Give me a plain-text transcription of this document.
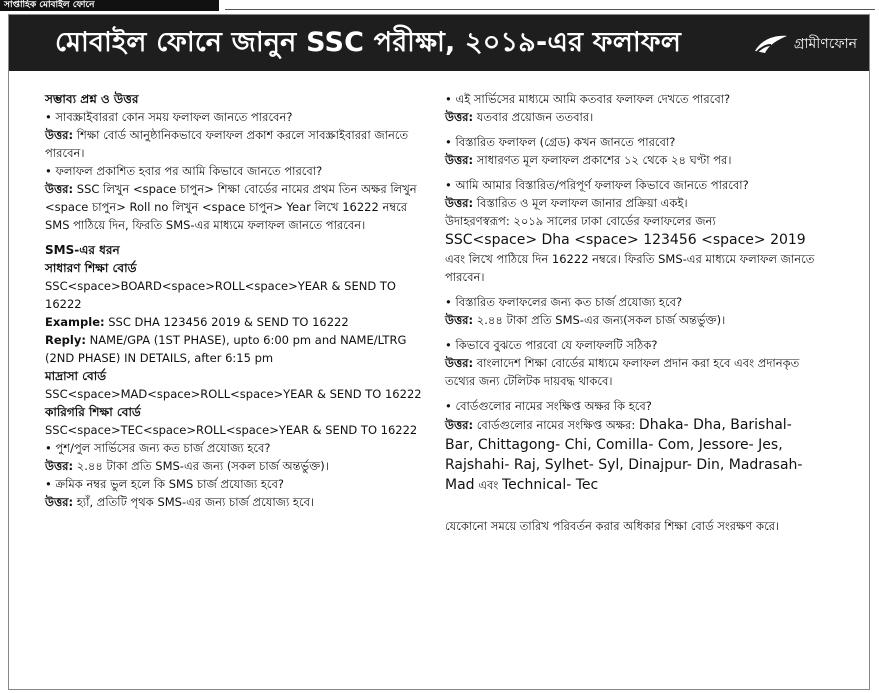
সাপ্তাহিক মোবাইল ফোনে
মোবাইল ফোনে জানুন SSC পরীক্ষা, ২০১৯-এর ফলাফল	গ্রামীণফোন

সম্ভাব্য প্রশ্ন ও উত্তর

• সাবস্ক্রাইবাররা কোন সময় ফলাফল জানতে পারবেন?

উত্তর: শিক্ষা বোর্ড আনুষ্ঠানিকভাবে ফলাফল প্রকাশ করলে সাবস্ক্রাইবাররা জানতে পারবেন।

• ফলাফল প্রকাশিত হবার পর আমি কিভাবে জানতে পারবো?

উত্তর: SSC লিখুন <space চাপুন> শিক্ষা বোর্ডের নামের প্রথম তিন অক্ষর লিখুন <space চাপুন> Roll no লিখুন <space চাপুন> Year লিখে 16222 নম্বরে SMS পাঠিয়ে দিন, ফিরতি SMS-এর মাধ্যমে ফলাফল জানতে পারবেন।

SMS-এর ধরন

সাধারণ শিক্ষা বোর্ড

SSC<space>BOARD<space>ROLL<space>YEAR & SEND TO 16222

Example: SSC DHA 123456 2019 & SEND TO 16222

Reply: NAME/GPA (1ST PHASE), upto 6:00 pm and NAME/LTRG (2ND PHASE) IN DETAILS, after 6:15 pm

মাদ্রাসা বোর্ড

SSC<space>MAD<space>ROLL<space>YEAR & SEND TO 16222

কারিগরি শিক্ষা বোর্ড

SSC<space>TEC<space>ROLL<space>YEAR & SEND TO 16222

• পুশ/পুল সার্ভিসের জন্য কত চার্জ প্রযোজ্য হবে?

উত্তর: ২.৪৪ টাকা প্রতি SMS-এর জন্য (সকল চার্জ অন্তর্ভুক্ত)।

• ক্রমিক নম্বর ভুল হলে কি SMS চার্জ প্রযোজ্য হবে?

উত্তর: হ্যাঁ, প্রতিটি পৃথক SMS-এর জন্য চার্জ প্রযোজ্য হবে।

• এই সার্ভিসের মাধ্যমে আমি কতবার ফলাফল দেখতে পারবো?

উত্তর: যতবার প্রয়োজন ততবার।

• বিস্তারিত ফলাফল (গ্রেড) কখন জানতে পারবো?

উত্তর: সাধারণত মূল ফলাফল প্রকাশের ১২ থেকে ২৪ ঘণ্টা পর।

• আমি আমার বিস্তারিত/পরিপূর্ণ ফলাফল কিভাবে জানতে পারবো?

উত্তর: বিস্তারিত ও মূল ফলাফল জানার প্রক্রিয়া একই।

উদাহরণস্বরূপ: ২০১৯ সালের ঢাকা বোর্ডের ফলাফলের জন্য

SSC<space> Dha <space> 123456 <space> 2019 এবং লিখে পাঠিয়ে দিন 16222 নম্বরে। ফিরতি SMS-এর মাধ্যমে ফলাফল জানতে পারবেন।

• বিস্তারিত ফলাফলের জন্য কত চার্জ প্রযোজ্য হবে?

উত্তর: ২.৪৪ টাকা প্রতি SMS-এর জন্য(সকল চার্জ অন্তর্ভুক্ত)।

• কিভাবে বুঝতে পারবো যে ফলাফলটি সঠিক?

উত্তর: বাংলাদেশ শিক্ষা বোর্ডের মাধ্যমে ফলাফল প্রদান করা হবে এবং প্রদানকৃত তথ্যের জন্য টেলিটক দায়বদ্ধ থাকবে।

• বোর্ডগুলোর নামের সংক্ষিপ্ত অক্ষর কি হবে?

উত্তর: বোর্ডগুলোর নামের সংক্ষিপ্ত অক্ষর: Dhaka- Dha, Barishal- Bar, Chittagong- Chi, Comilla- Com, Jessore- Jes, Rajshahi- Raj, Sylhet- Syl, Dinajpur- Din, Madrasah- Mad এবং Technical- Tec

যেকোনো সময়ে তারিখ পরিবর্তন করার অধিকার শিক্ষা বোর্ড সংরক্ষণ করে।
